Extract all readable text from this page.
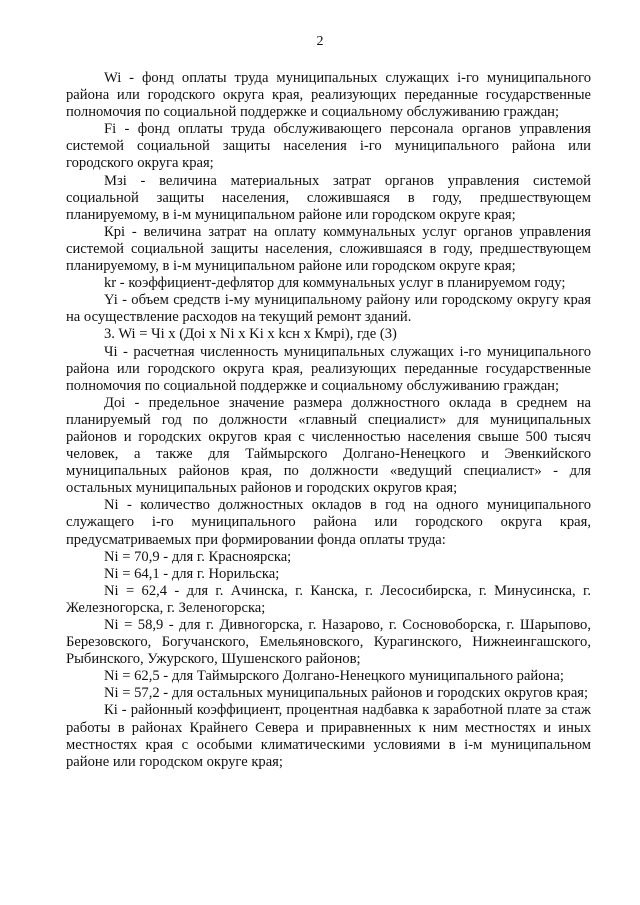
2

Wi - фонд оплаты труда муниципальных служащих i-го муниципального района или городского округа края, реализующих переданные государственные полномочия по социальной поддержке и социальному обслуживанию граждан;

Fi - фонд оплаты труда обслуживающего персонала органов управления системой социальной защиты населения i-го муниципального района или городского округа края;

Мзi - величина материальных затрат органов управления системой социальной защиты населения, сложившаяся в году, предшествующем планируемому, в i-м муниципальном районе или городском округе края;

Кpi - величина затрат на оплату коммунальных услуг органов управления системой социальной защиты населения, сложившаяся в году, предшествующем планируемому, в i-м муниципальном районе или городском округе края;

kr - коэффициент-дефлятор для коммунальных услуг в планируемом году;

Yi - объем средств i-му муниципальному району или городскому округу края на осуществление расходов на текущий ремонт зданий.

3. Wi = Чi x (Доi x Ni x Ki x kсн x Кмрi), где (3)

Чi - расчетная численность муниципальных служащих i-го муниципального района или городского округа края, реализующих переданные государственные полномочия по социальной поддержке и социальному обслуживанию граждан;

Доi - предельное значение размера должностного оклада в среднем на планируемый год по должности «главный специалист» для муниципальных районов и городских округов края с численностью населения свыше 500 тысяч человек, а также для Таймырского Долгано-Ненецкого и Эвенкийского муниципальных районов края, по должности «ведущий специалист» - для остальных муниципальных районов и городских округов края;

Ni - количество должностных окладов в год на одного муниципального служащего i-го муниципального района или городского округа края, предусматриваемых при формировании фонда оплаты труда:

Ni = 70,9 - для г. Красноярска;

Ni = 64,1 - для г. Норильска;

Ni = 62,4 - для г. Ачинска, г. Канска, г. Лесосибирска, г. Минусинска, г. Железногорска, г. Зеленогорска;

Ni = 58,9 - для г. Дивногорска, г. Назарово, г. Сосновоборска, г. Шарыпово, Березовского, Богучанского, Емельяновского, Курагинского, Нижнеингашского, Рыбинского, Ужурского, Шушенского районов;

Ni = 62,5 - для Таймырского Долгано-Ненецкого муниципального района;

Ni = 57,2 - для остальных муниципальных районов и городских округов края;

Кi - районный коэффициент, процентная надбавка к заработной плате за стаж работы в районах Крайнего Севера и приравненных к ним местностях и иных местностях края с особыми климатическими условиями в i-м муниципальном районе или городском округе края;
